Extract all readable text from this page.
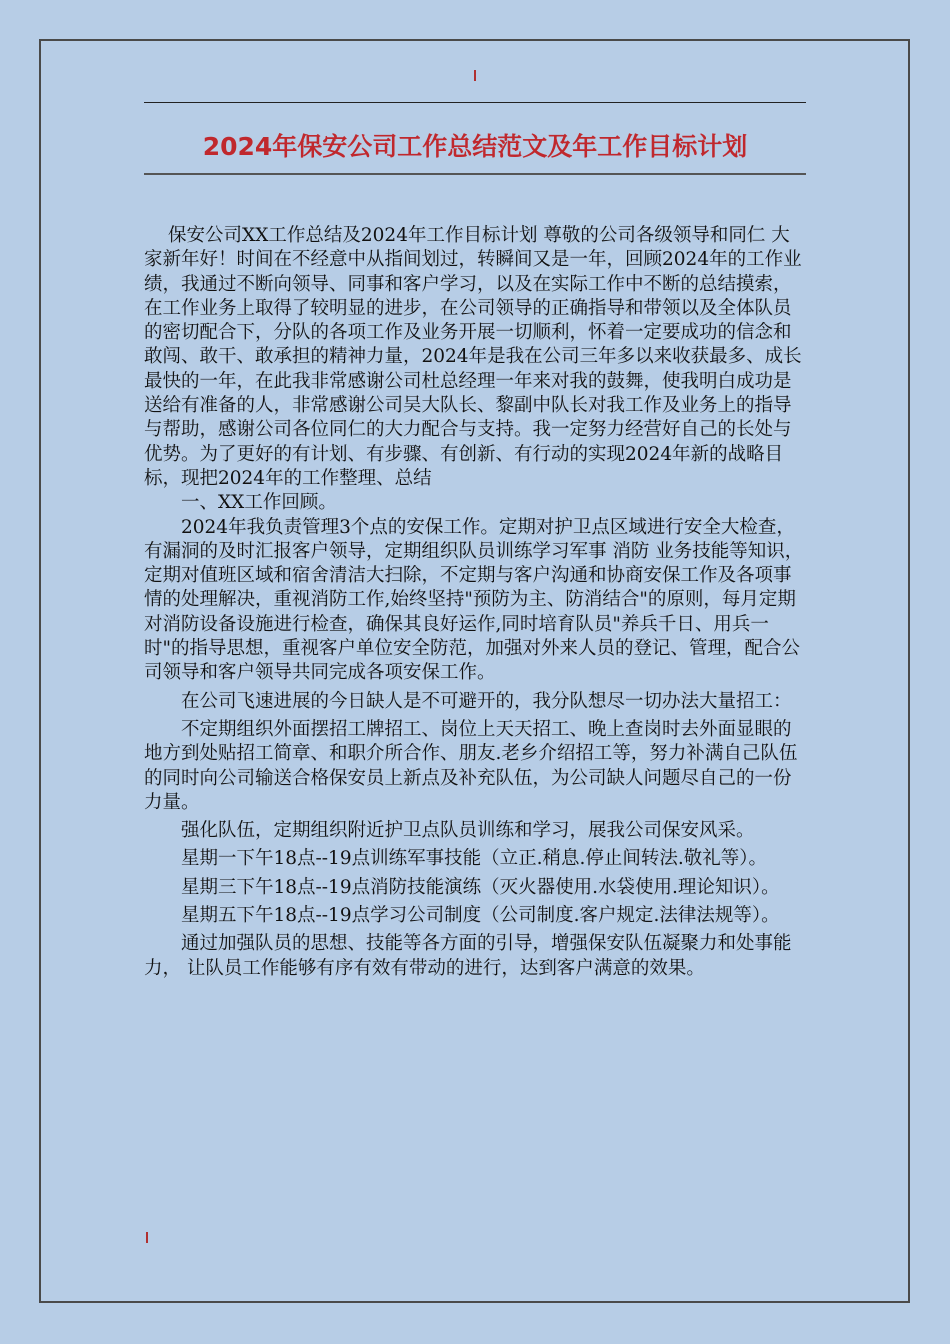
2024年保安公司工作总结范文及年工作目标计划

保安公司XX工作总结及2024年工作目标计划 尊敬的公司各级领导和同仁 大家新年好！时间在不经意中从指间划过，转瞬间又是一年，回顾2024年的工作业绩，我通过不断向领导、同事和客户学习，以及在实际工作中不断的总结摸索，在工作业务上取得了较明显的进步，在公司领导的正确指导和带领以及全体队员的密切配合下，分队的各项工作及业务开展一切顺利，怀着一定要成功的信念和敢闯、敢干、敢承担的精神力量，2024年是我在公司三年多以来收获最多、成长最快的一年，在此我非常感谢公司杜总经理一年来对我的鼓舞，使我明白成功是送给有准备的人，非常感谢公司吴大队长、黎副中队长对我工作及业务上的指导与帮助，感谢公司各位同仁的大力配合与支持。我一定努力经营好自己的长处与优势。为了更好的有计划、有步骤、有创新、有行动的实现2024年新的战略目标，现把2024年的工作整理、总结

一、XX工作回顾。

2024年我负责管理3个点的安保工作。定期对护卫点区域进行安全大检查，有漏洞的及时汇报客户领导，定期组织队员训练学习军事 消防 业务技能等知识，定期对值班区域和宿舍清洁大扫除，不定期与客户沟通和协商安保工作及各项事情的处理解决，重视消防工作,始终坚持"预防为主、防消结合"的原则，每月定期对消防设备设施进行检查，确保其良好运作,同时培育队员"养兵千日、用兵一时"的指导思想，重视客户单位安全防范，加强对外来人员的登记、管理，配合公司领导和客户领导共同完成各项安保工作。

在公司飞速进展的今日缺人是不可避开的，我分队想尽一切办法大量招工：

不定期组织外面摆招工牌招工、岗位上天天招工、晚上查岗时去外面显眼的地方到处贴招工简章、和职介所合作、朋友.老乡介绍招工等，努力补满自己队伍的同时向公司输送合格保安员上新点及补充队伍，为公司缺人问题尽自己的一份力量。

强化队伍，定期组织附近护卫点队员训练和学习，展我公司保安风采。

星期一下午18点--19点训练军事技能（立正.稍息.停止间转法.敬礼等）。

星期三下午18点--19点消防技能演练（灭火器使用.水袋使用.理论知识）。

星期五下午18点--19点学习公司制度（公司制度.客户规定.法律法规等）。

通过加强队员的思想、技能等各方面的引导，增强保安队伍凝聚力和处事能力， 让队员工作能够有序有效有带动的进行，达到客户满意的效果。
